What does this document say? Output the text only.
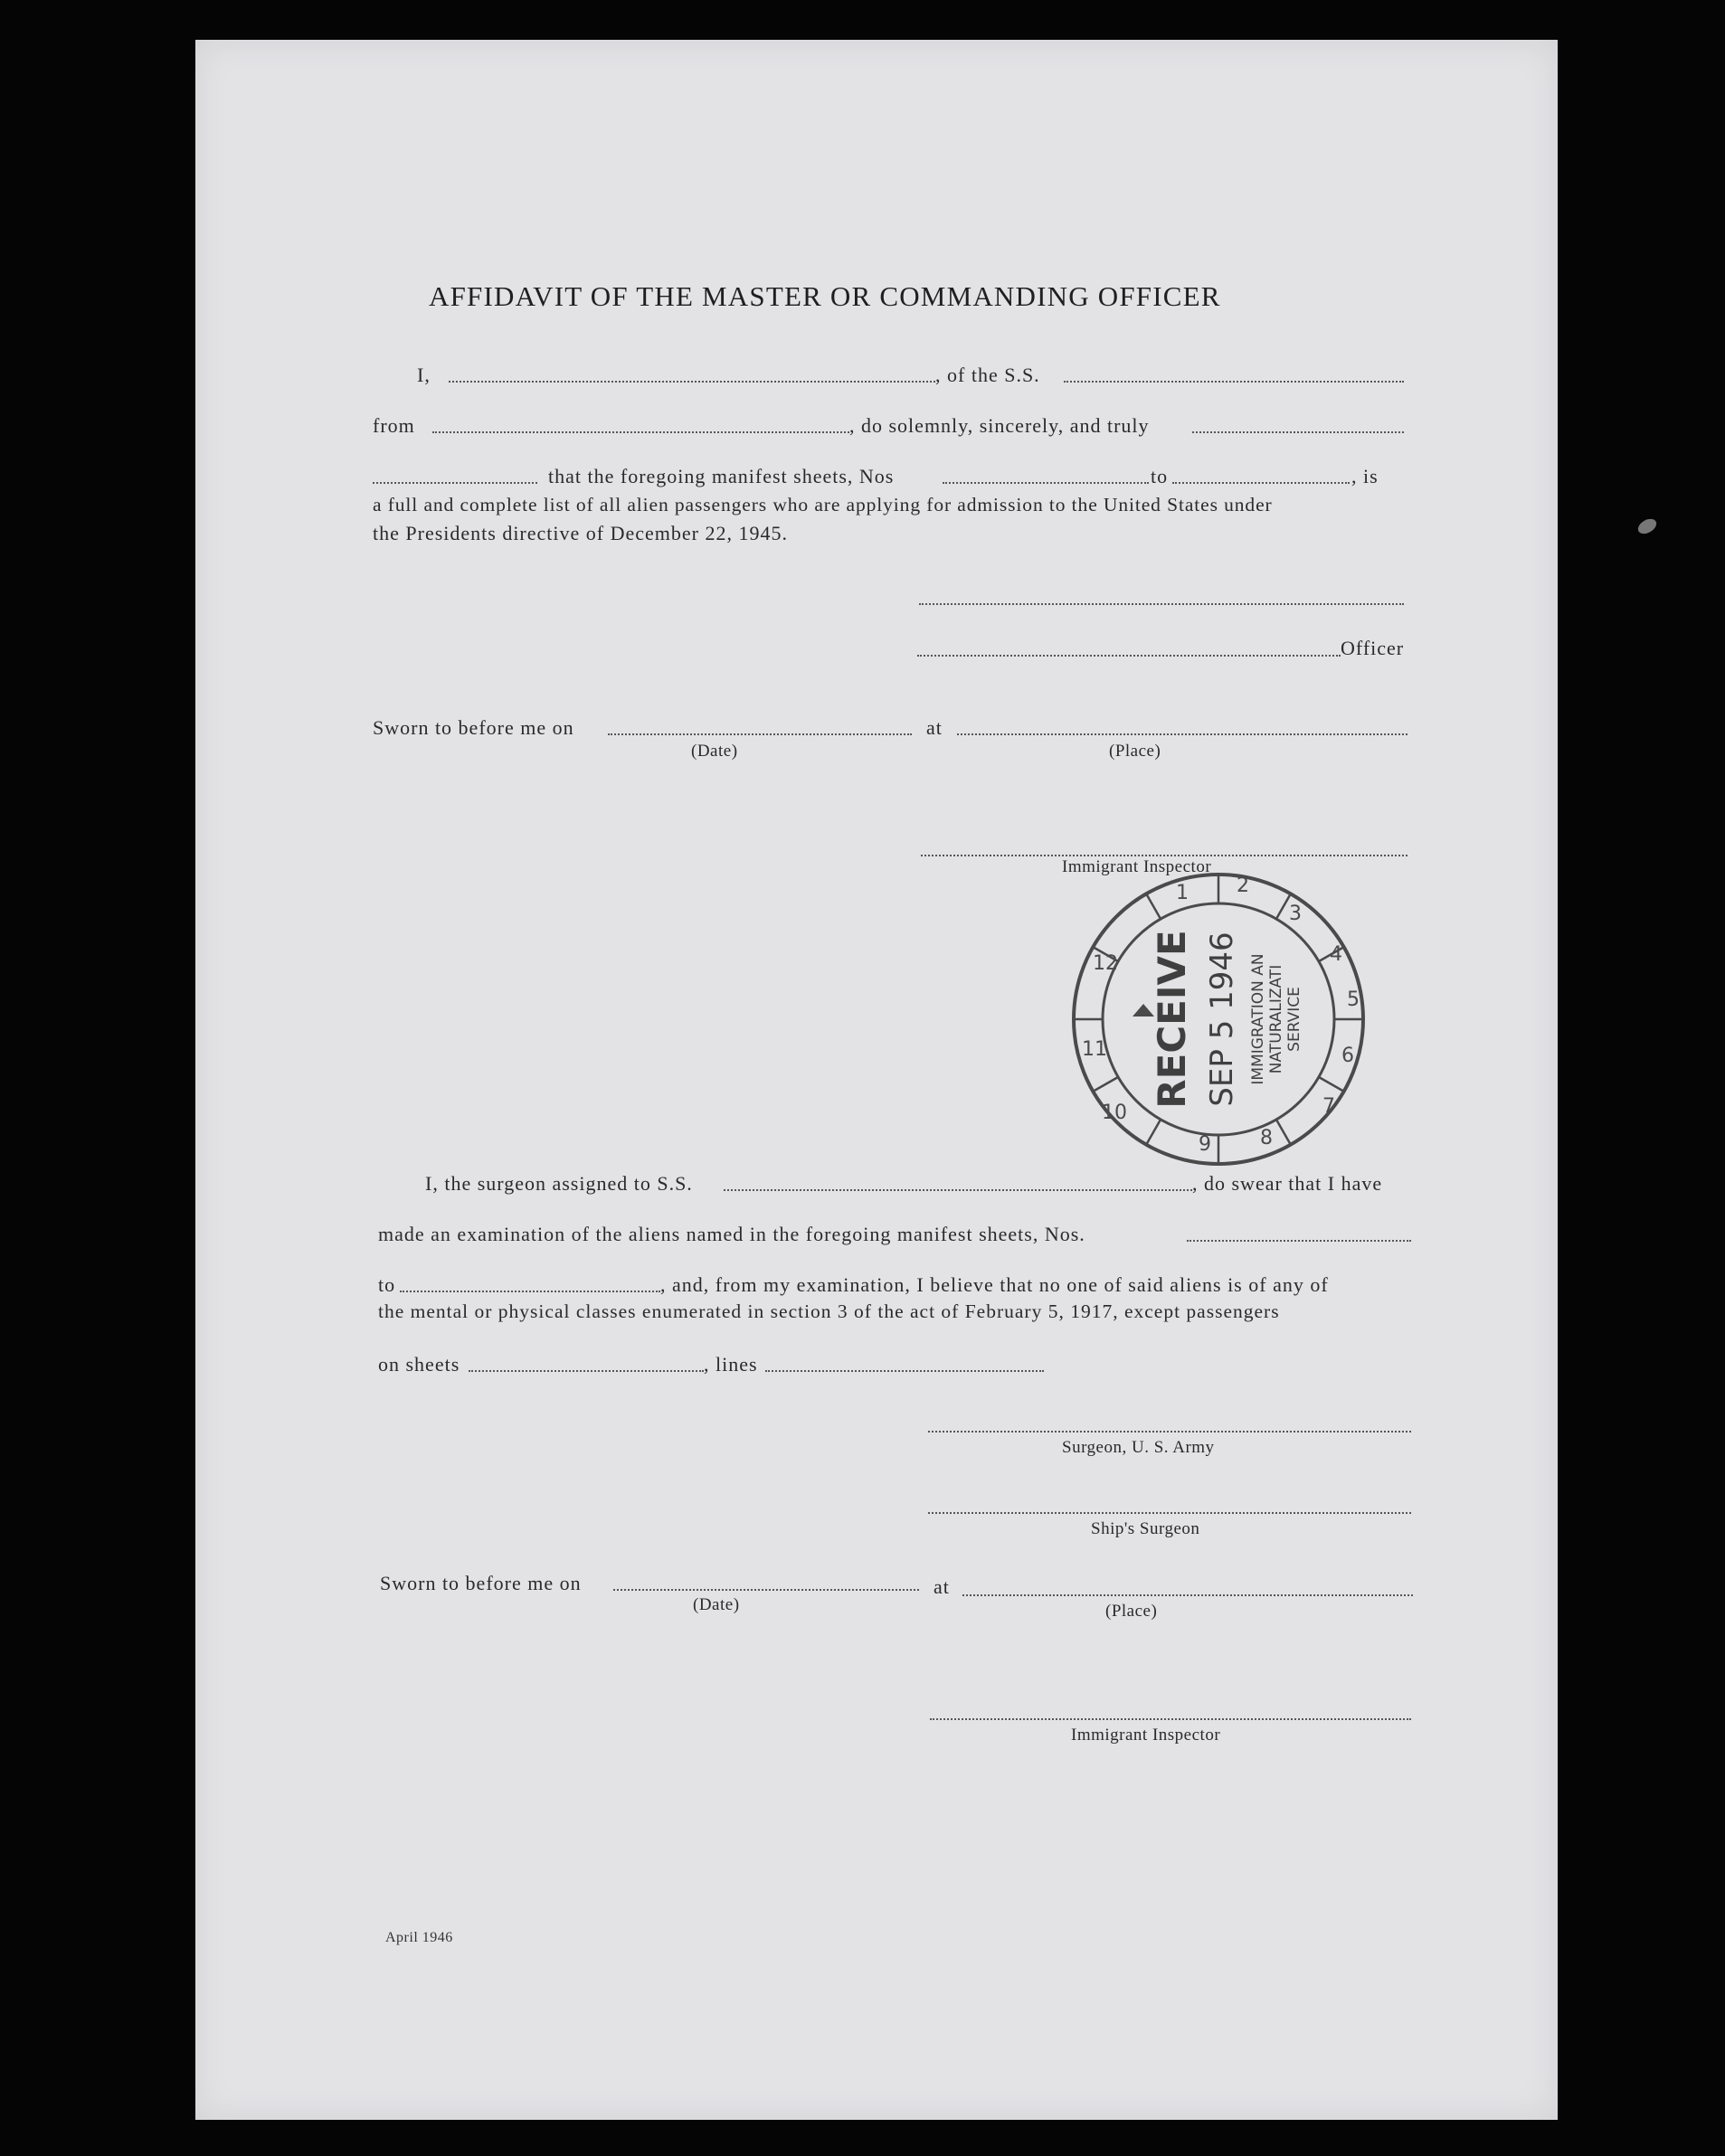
AFFIDAVIT OF THE MASTER OR COMMANDING OFFICER
I,	, of the S.S.
from	, do solemnly, sincerely, and truly
that the foregoing manifest sheets, Nos	to	, is
a full and complete list of all alien passengers who are applying for admission to the United States under
the Presidents directive of December 22, 1945.
Officer
Sworn to before me on	at
(Date)	(Place)
Immigrant Inspector
1 2
3
4
5
6
7
8
9
10
11
12 RECEIVE SEP 5 1946 IMMIGRATION AN NATURALIZATI SERVICE
I, the surgeon assigned to S.S.	, do swear that I have
made an examination of the aliens named in the foregoing manifest sheets, Nos.
to	, and, from my examination, I believe that no one of said aliens is of any of
the mental or physical classes enumerated in section 3 of the act of February 5, 1917, except passengers
on sheets	, lines
Surgeon, U. S. Army
Ship's Surgeon
Sworn to before me on	at
(Date)	(Place)
Immigrant Inspector
April 1946
